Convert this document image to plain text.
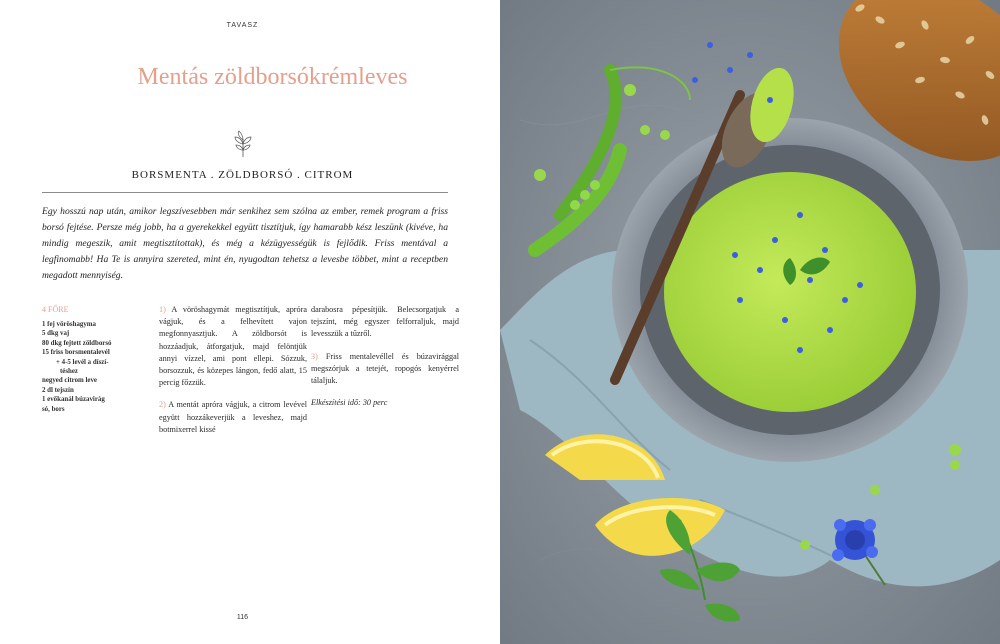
TAVASZ
Mentás zöldborsókrémleves
BORSMENTA . ZÖLDBORSÓ . CITROM

Egy hosszú nap után, amikor legszívesebben már senkihez sem szólna az ember, remek program a friss borsó fejtése. Persze még jobb, ha a gyerekekkel együtt tisztítjuk, így hamarabb kész leszünk (kivéve, ha mindig megeszik, amit megtisztítottak), és még a kézügyességük is fejlődik. Friss mentával a legfinomabb! Ha Te is annyira szereted, mint én, nyugodtan tehetsz a levesbe többet, mint a receptben megadott mennyiség.

4 FŐRE
1 fej vöröshagyma
5 dkg vaj
80 dkg fejtett zöldborsó
15 friss borsmentalevél
+ 4-5 levél a díszí-
téshez
negyed citrom leve
2 dl tejszín
1 evőkanál búzavirág
só, bors

1) A vöröshagymát megtisztítjuk, apróra vágjuk, és a felhevített vajon megfonnyasztjuk. A zöldborsót is hozzáadjuk, átforgatjuk, majd felöntjük annyi vízzel, ami pont ellepi. Sózzuk, borsozzuk, és közepes lángon, fedő alatt, 15 percig főzzük.

2) A mentát apróra vágjuk, a citrom levével együtt hozzákeverjük a leveshez, majd botmixerrel kissé

darabosra pépesítjük. Belecsorgatjuk a tejszínt, még egyszer felforraljuk, majd levesszük a tűzről.

3) Friss mentalevéllel és búzavirággal megszórjuk a tetejét, ropogós kenyérrel tálaljuk.

Elkészítési idő: 30 perc

116
